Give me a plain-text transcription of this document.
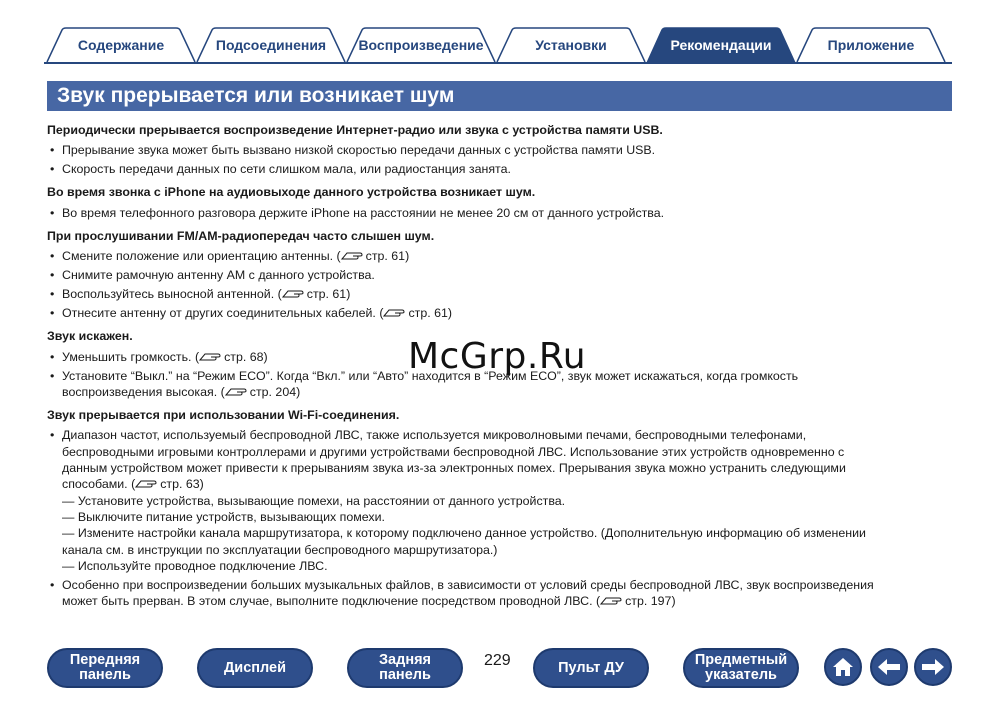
Содержание	Подсоединения Воспроизведение	Установки	Рекомендации	Приложение
Звук прерывается или возникает шум
Периодически прерывается воспроизведение Интернет-радио или звука с устройства памяти USB.
• Прерывание звука может быть вызвано низкой скоростью передачи данных с устройства памяти USB.
• Скорость передачи данных по сети слишком мала, или радиостанция занята.
Во время звонка с iPhone на аудиовыходе данного устройства возникает шум.
• Во время телефонного разговора держите iPhone на расстоянии не менее 20 см от данного устройства.
При прослушивании FM/AM-радиопередач часто слышен шум.
• Смените положение или ориентацию антенны. ( стр. 61)
• Снимите рамочную антенну AM с данного устройства.
• Воспользуйтесь выносной антенной. ( стр. 61)
• Отнесите антенну от других соединительных кабелей. ( стр. 61)
Звук искажен.
• Уменьшить громкость. ( стр. 68)
• Установите “Выкл.” на “Режим ECO”. Когда “Вкл.” или “Авто” находится в “Режим ECO”, звук может искажаться, когда громкость
воспроизведения высокая. ( стр. 204)
Звук прерывается при использовании Wi-Fi-соединения.
• Диапазон частот, используемый беспроводной ЛВС, также используется микроволновыми печами, беспроводными телефонами,
беспроводными игровыми контроллерами и другими устройствами беспроводной ЛВС. Использование этих устройств одновременно с
данным устройством может привести к прерываниям звука из-за электронных помех. Прерывания звука можно устранить следующими
способами. ( стр. 63)
— Установите устройства, вызывающие помехи, на расстоянии от данного устройства.
— Выключите питание устройств, вызывающих помехи.
— Измените настройки канала маршрутизатора, к которому подключено данное устройство. (Дополнительную информацию об изменении
канала см. в инструкции по эксплуатации беспроводного маршрутизатора.)
— Используйте проводное подключение ЛВС.
• Особенно при воспроизведении больших музыкальных файлов, в зависимости от условий среды беспроводной ЛВС, звук воспроизведения
может быть прерван. В этом случае, выполните подключение посредством проводной ЛВС. ( стр. 197)
McGrp.Ru
Передняя
панель	Дисплей	Задняя
панель
229	Пульт ДУ	Предметный
указатель
